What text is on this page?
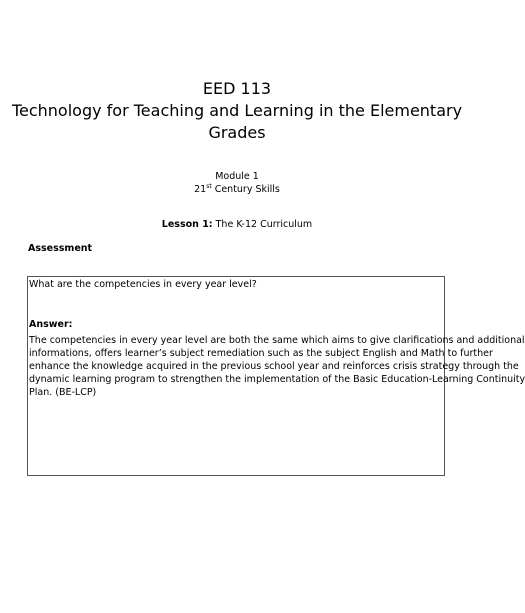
EED 113
Technology for Teaching and Learning in the Elementary
Grades
Module 1
21st Century Skills
Lesson 1: The K-12 Curriculum
Assessment
What are the competencies in every year level?
Answer:
The competencies in every year level are both the same which aims to give clarifications and additional
informations, offers learner’s subject remediation such as the subject English and Math to further
enhance the knowledge acquired in the previous school year and reinforces crisis strategy through the
dynamic learning program to strengthen the implementation of the Basic Education-Learning Continuity
Plan. (BE-LCP)
